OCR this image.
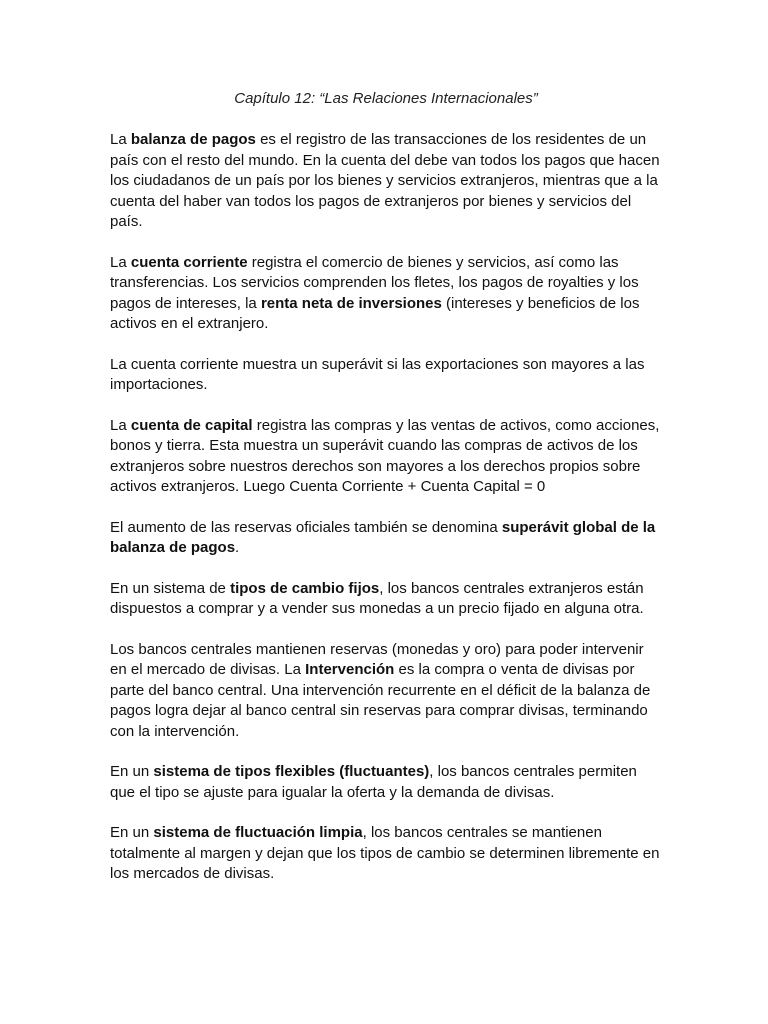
Capítulo 12: “Las Relaciones Internacionales”

La balanza de pagos es el registro de las transacciones de los residentes de un país con el resto del mundo. En la cuenta del debe van todos los pagos que hacen los ciudadanos de un país por los bienes y servicios extranjeros, mientras que a la cuenta del haber van todos los pagos de extranjeros por bienes y servicios del país.

La cuenta corriente registra el comercio de bienes y servicios, así como las transferencias. Los servicios comprenden los fletes, los pagos de royalties y los pagos de intereses, la renta neta de inversiones (intereses y beneficios de los activos en el extranjero.

La cuenta corriente muestra un superávit si las exportaciones son mayores a las importaciones.

La cuenta de capital registra las compras y las ventas de activos, como acciones, bonos y tierra. Esta muestra un superávit cuando las compras de activos de los extranjeros sobre nuestros derechos son mayores a los derechos propios sobre activos extranjeros. Luego Cuenta Corriente + Cuenta Capital = 0

El aumento de las reservas oficiales también se denomina superávit global de la balanza de pagos.

En un sistema de tipos de cambio fijos, los bancos centrales extranjeros están dispuestos a comprar y a vender sus monedas a un precio fijado en alguna otra.

Los bancos centrales mantienen reservas (monedas y oro) para poder intervenir en el mercado de divisas. La Intervención es la compra o venta de divisas por parte del banco central. Una intervención recurrente en el déficit de la balanza de pagos logra dejar al banco central sin reservas para comprar divisas, terminando con la intervención.

En un sistema de tipos flexibles (fluctuantes), los bancos centrales permiten que el tipo se ajuste para igualar la oferta y la demanda de divisas.

En un sistema de fluctuación limpia, los bancos centrales se mantienen totalmente al margen y dejan que los tipos de cambio se determinen libremente en los mercados de divisas.
